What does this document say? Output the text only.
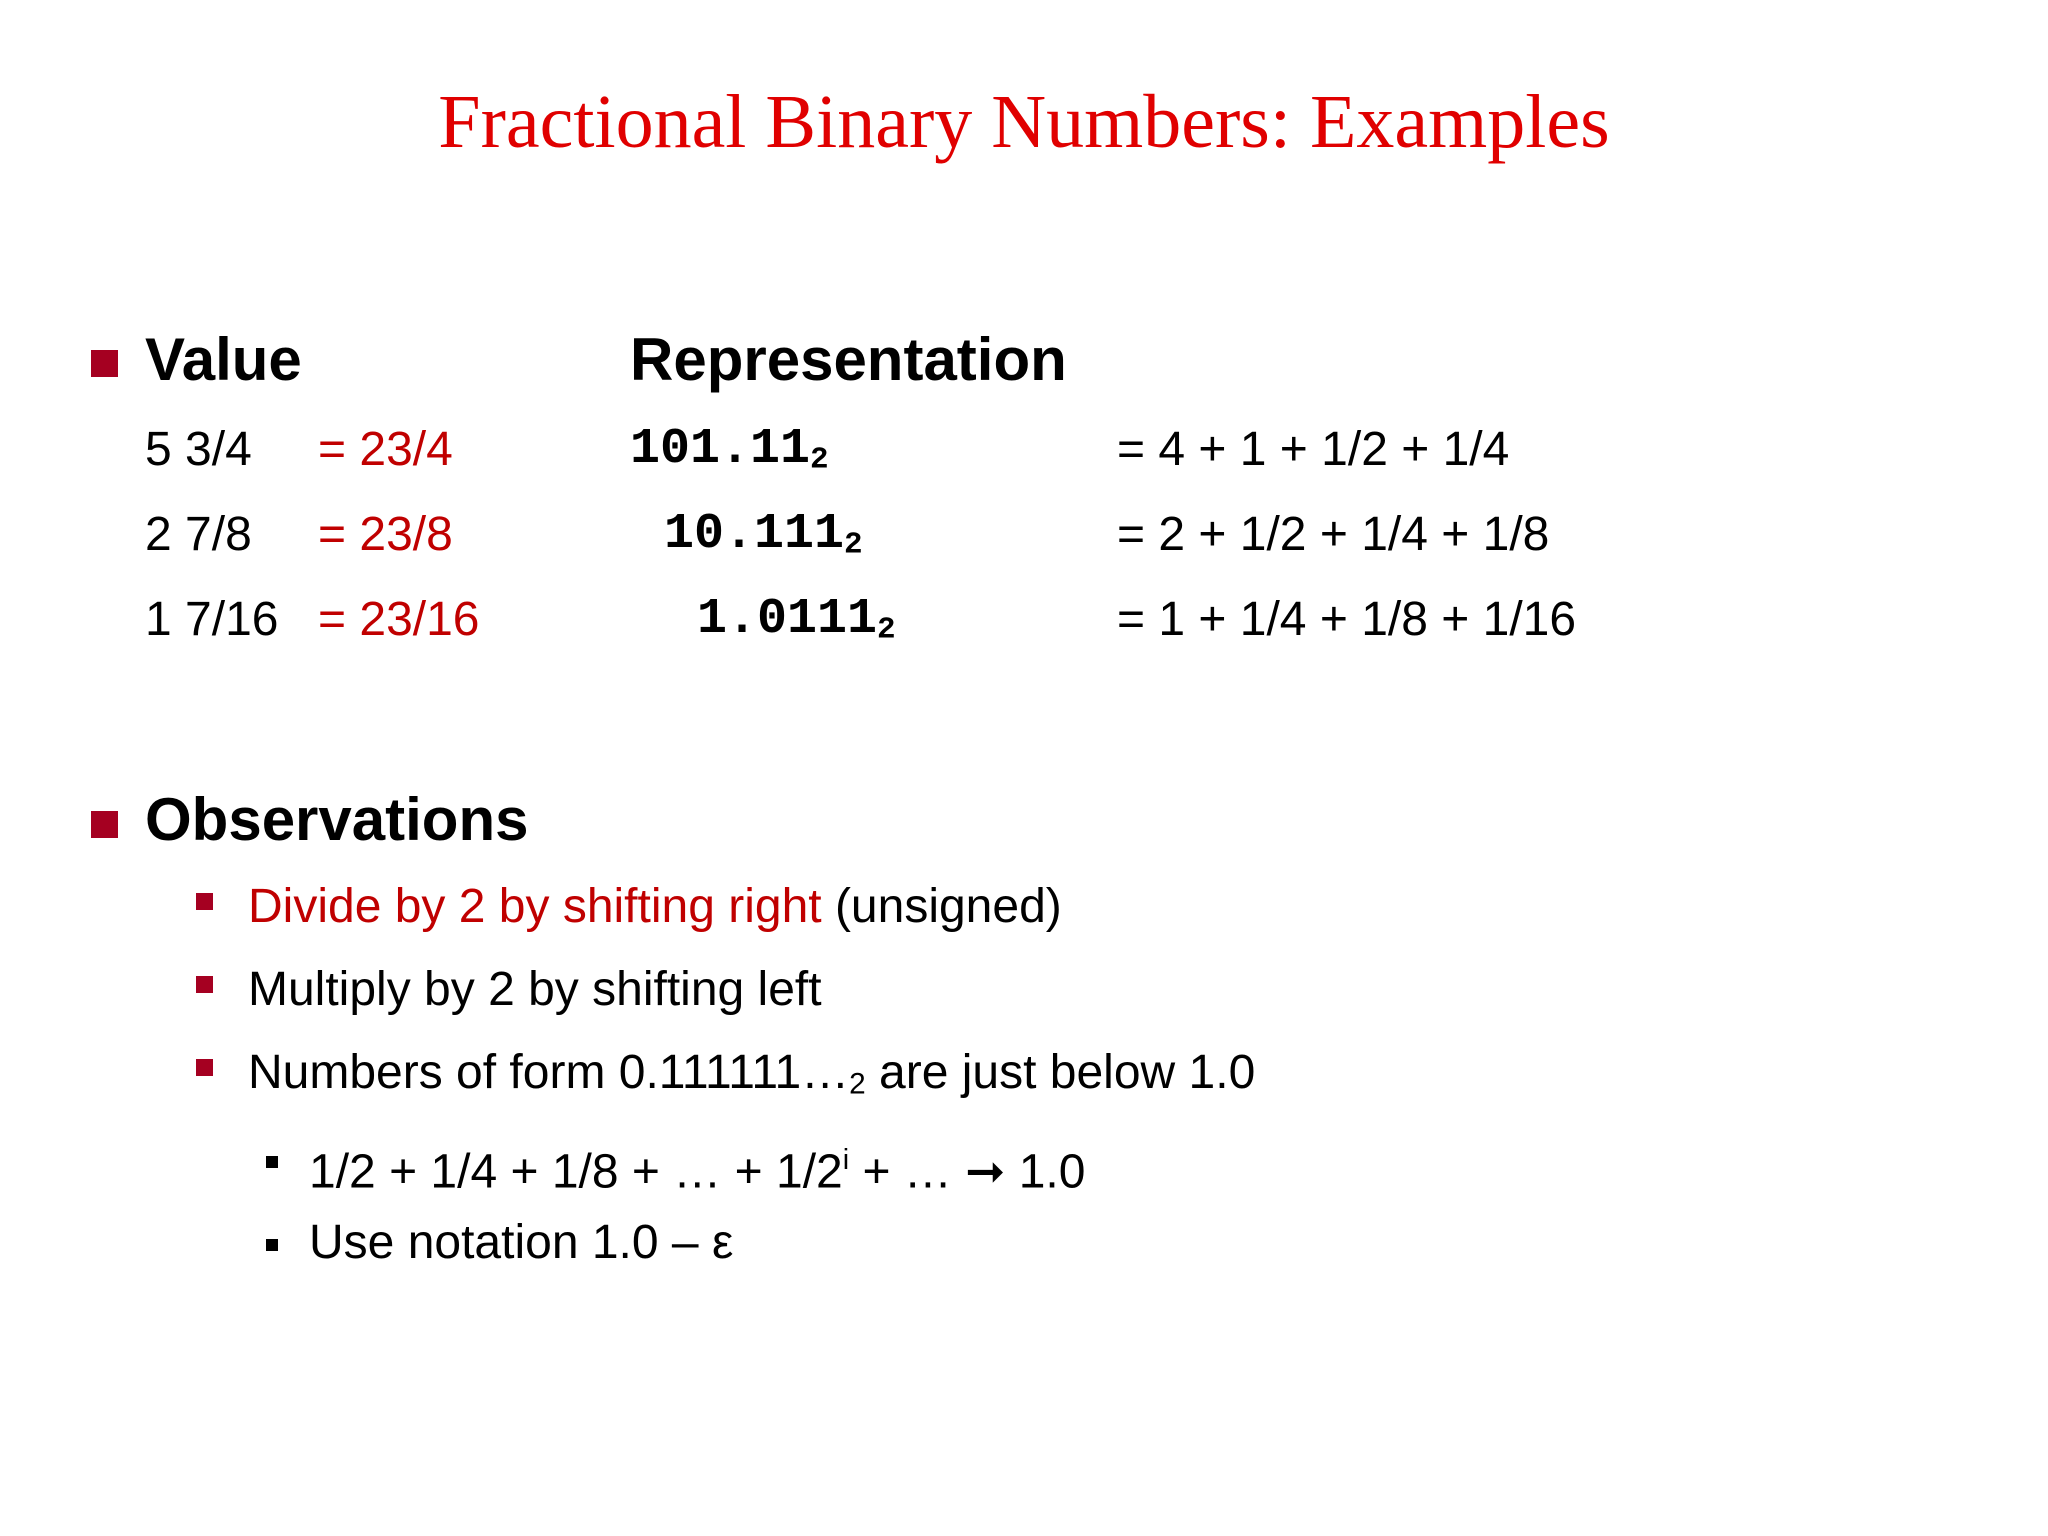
Fractional Binary Numbers: Examples
Value	Representation
5 3/4 = 23/4	101.112	= 4 + 1 + 1/2 + 1/4
2 7/8 = 23/8	10.1112	= 2 + 1/2 + 1/4 + 1/8
1 7/16 = 23/16	1.01112	= 1 + 1/4 + 1/8 + 1/16
Observations
Divide by 2 by shifting right (unsigned)
Multiply by 2 by shifting left
Numbers of form 0.111111…2 are just below 1.0
1/2 + 1/4 + 1/8 + … + $1/2^i$ + … ➞ 1.0
Use notation 1.0 – ε
